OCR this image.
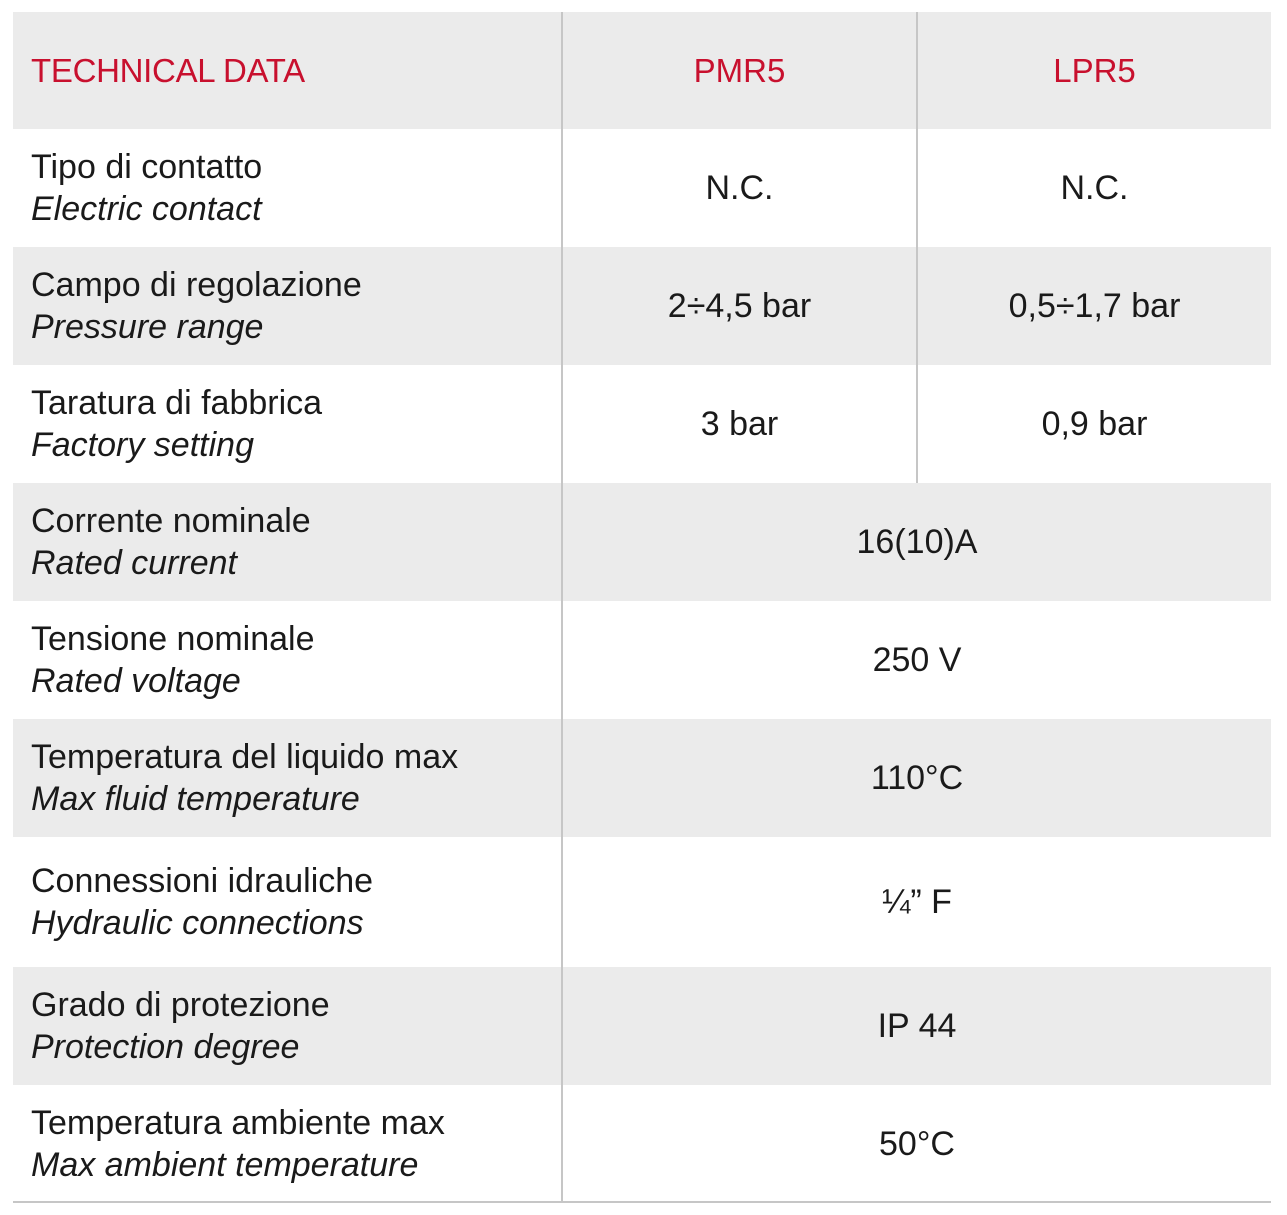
TECHNICAL DATA	PMR5	LPR5

Tipo di contatto
Electric contact	N.C.	N.C.

Campo di regolazione
Pressure range	2÷4,5 bar	0,5÷1,7 bar

Taratura di fabbrica
Factory setting	3 bar	0,9 bar

Corrente nominale
Rated current	16(10)A	

Tensione nominale
Rated voltage	250 V	

Temperatura del liquido max
Max fluid temperature	110°C	

Connessioni idrauliche
Hydraulic connections	¼” F	

Grado di protezione
Protection degree	IP 44	

Temperatura ambiente max
Max ambient temperature	50°C	
